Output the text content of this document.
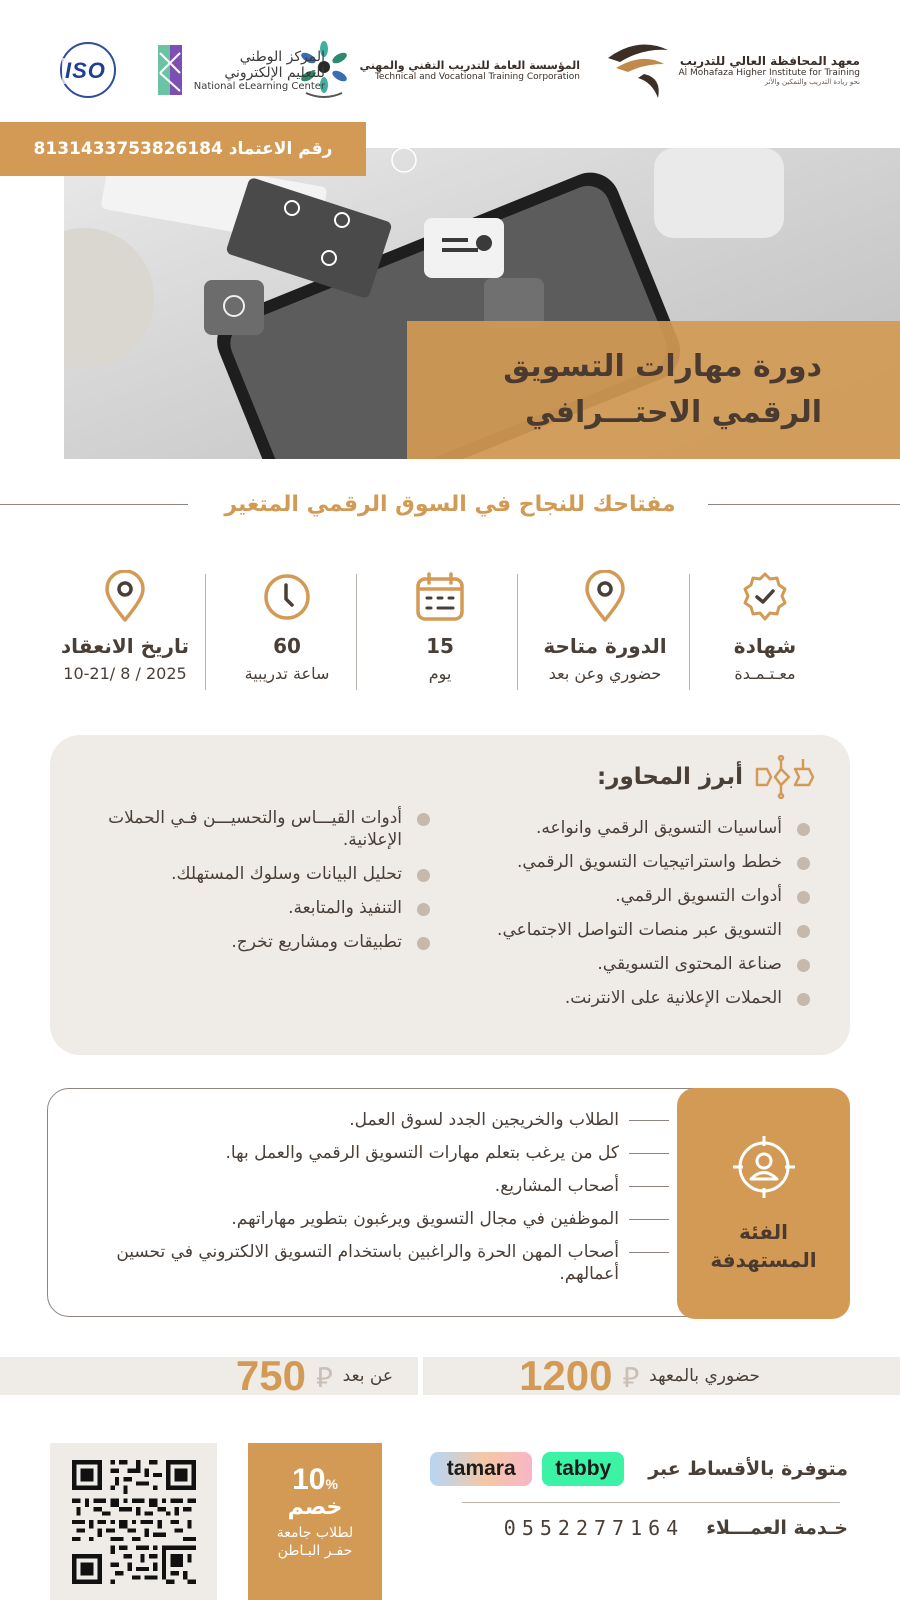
معهد المحافظة العالي للتدريب
Al Mohafaza Higher Institute for Training
نحو ريادة التدريب والتمكين والأثر
المؤسسة العامة للتدريب التقني والمهني
Technical and Vocational Training Corporation
المركز الوطني
للتعليم الإلكتروني
National eLearning Center
ISO
رقم الاعتماد 8131433753826184
دورة مهارات التسويق
الرقمي الاحتـــرافي
مفتاحك للنجاح في السوق الرقمي المتغير
شهادة
معـتـمـدة
الدورة متاحة
حضوري وعن بعد
15
يوم
60
ساعة تدريبية
تاريخ الانعقاد
10-21/ 8 / 2025
أبرز المحاور:
أساسيات التسويق الرقمي وانواعه.
خطط واستراتيجيات التسويق الرقمي.
أدوات التسويق الرقمي.
التسويق عبر منصات التواصل الاجتماعي.
صناعة المحتوى التسويقي.
الحملات الإعلانية على الانترنت.
أدوات القيـــاس والتحسيـــن فـي الحملات الإعلانية.
تحليل البيانات وسلوك المستهلك.
التنفيذ والمتابعة.
تطبيقات ومشاريع تخرج.
الفئة
المستهدفة
الطلاب والخريجين الجدد لسوق العمل.
كل من يرغب بتعلم مهارات التسويق الرقمي والعمل بها.
أصحاب المشاريع.
الموظفين في مجال التسويق ويرغبون بتطوير مهاراتهم.
أصحاب المهن الحرة والراغبين باستخدام التسويق الالكتروني في تحسين أعمالهم.
حضوري بالمعهد
⃁
1200
عن بعد
⃁
750
10%
خصم
لطلاب جامعة
حفـر البـاطن
متوفرة بالأقساط عبر
tabby
tamara
خـدمة العمـــلاء
0552277164
